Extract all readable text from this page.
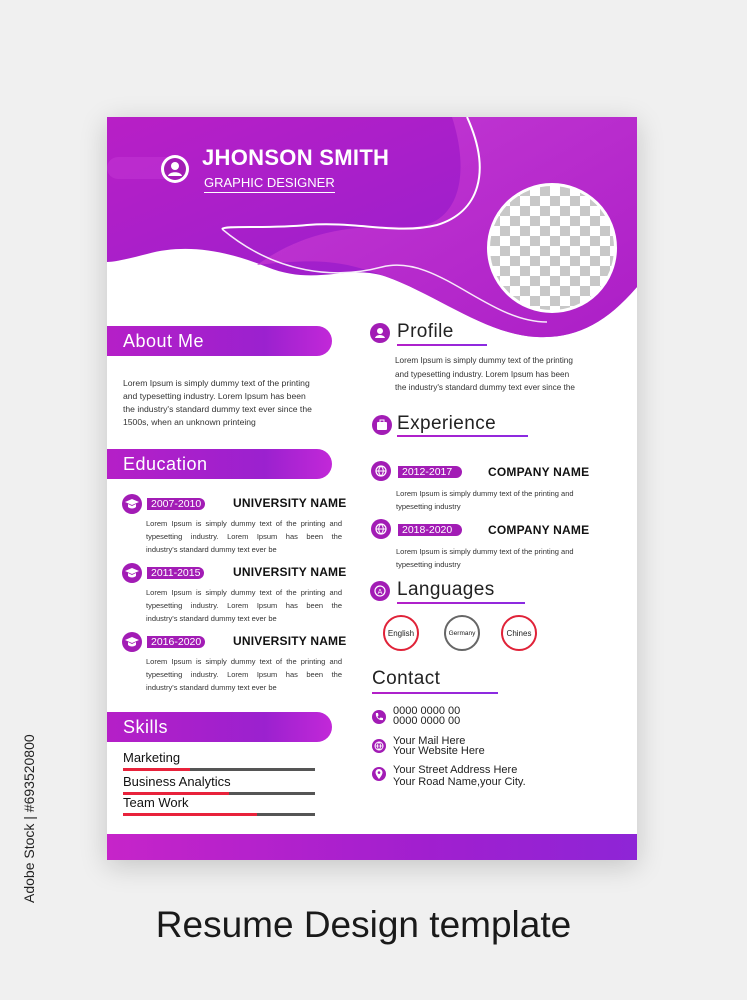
JHONSON SMITH
GRAPHIC DESIGNER
About Me
Lorem Ipsum is simply dummy text of the printing
and typesetting industry. Lorem Ipsum has been
the industry's standard dummy text ever since the
1500s, when an unknown printeing
Education
2007-2010	UNIVERSITY NAME
Lorem Ipsum is simply dummy text of the printing and
typesetting industry. Lorem Ipsum has been the
industry's standard dummy text ever be
2011-2015	UNIVERSITY NAME
Lorem Ipsum is simply dummy text of the printing and
typesetting industry. Lorem Ipsum has been the
industry's standard dummy text ever be
2016-2020	UNIVERSITY NAME
Lorem Ipsum is simply dummy text of the printing and
typesetting industry. Lorem Ipsum has been the
industry's standard dummy text ever be
Skills
Marketing
Business Analytics
Team Work
Profile
Lorem Ipsum is simply dummy text of the printing
and typesetting industry. Lorem Ipsum has been
the industry's standard dummy text ever since the
Experience
2012-2017	COMPANY NAME
Lorem Ipsum is simply dummy text of the printing and
typesetting industry
2018-2020	COMPANY NAME
Lorem Ipsum is simply dummy text of the printing and
typesetting industry
A Languages
English	Germany	Chines
Contact
0000 0000 00
0000 0000 00
Your Mail Here
Your Website Here
Your Street Address Here
Your Road Name,your City.
Adobe Stock | #693520800
Resume Design template
